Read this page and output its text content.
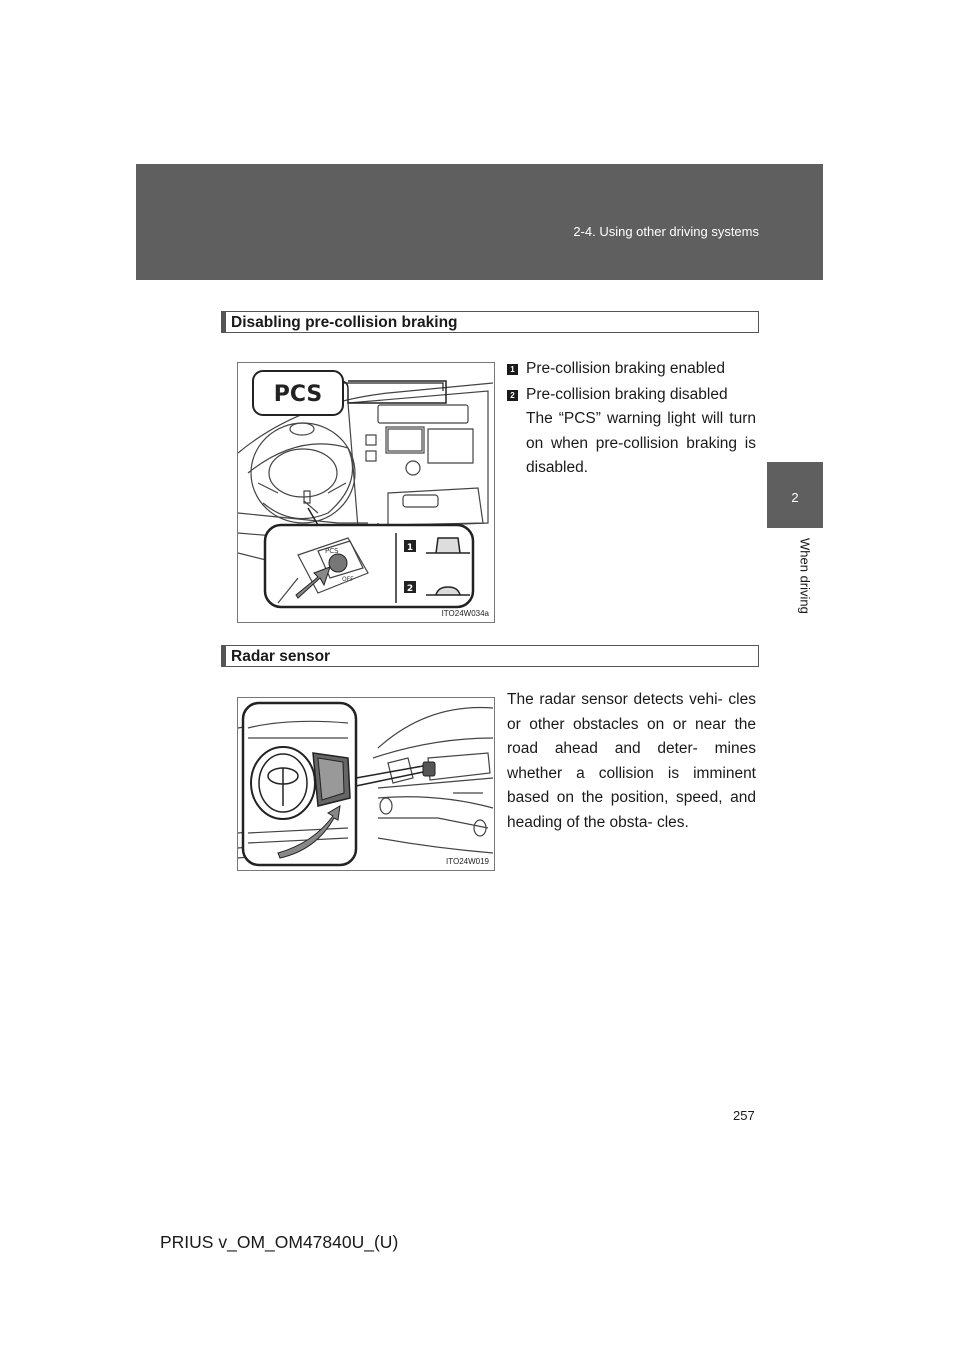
2-4. Using other driving systems
2
When driving
Disabling pre-collision braking
PCS
PCS
OFF
1
2
ITO24W034a
1 Pre-collision braking enabled
2 Pre-collision braking disabled
The “PCS” warning light will turn on when pre-collision braking is disabled.
Radar sensor
ITO24W019
The radar sensor detects vehi- cles or other obstacles on or near the road ahead and deter- mines whether a collision is imminent based on the position, speed, and heading of the obsta- cles.
257
PRIUS v_OM_OM47840U_(U)
